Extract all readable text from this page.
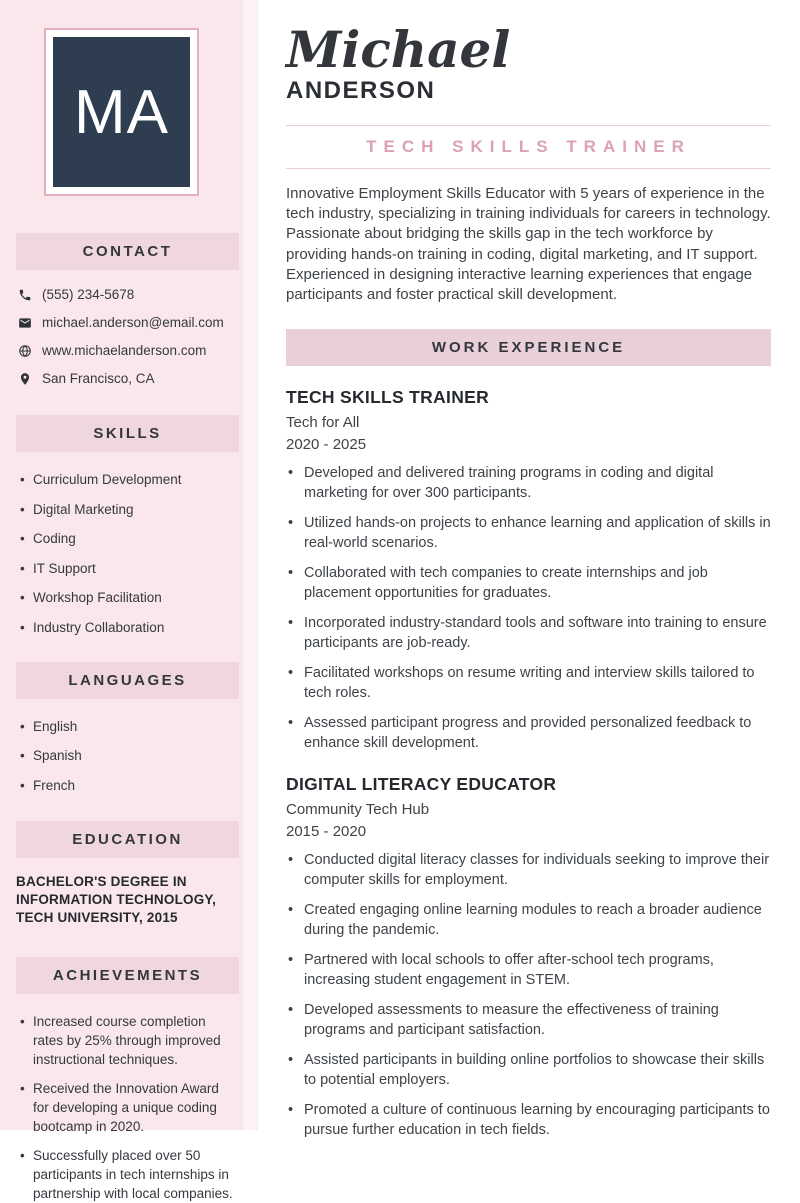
MA
CONTACT
(555) 234-5678
michael.anderson@email.com
www.michaelanderson.com
San Francisco, CA
SKILLS
• Curriculum Development
• Digital Marketing
• Coding
• IT Support
• Workshop Facilitation
• Industry Collaboration
LANGUAGES
• English
• Spanish
• French
EDUCATION
BACHELOR'S DEGREE IN INFORMATION TECHNOLOGY, TECH UNIVERSITY, 2015
ACHIEVEMENTS
• Increased course completion rates by 25% through improved instructional techniques.
• Received the Innovation Award for developing a unique coding bootcamp in 2020.
• Successfully placed over 50 participants in tech internships in partnership with local companies.
Michael
ANDERSON
TECH SKILLS TRAINER

Innovative Employment Skills Educator with 5 years of experience in the tech industry, specializing in training individuals for careers in technology. Passionate about bridging the skills gap in the tech workforce by providing hands-on training in coding, digital marketing, and IT support. Experienced in designing interactive learning experiences that engage participants and foster practical skill development.

WORK EXPERIENCE
TECH SKILLS TRAINER
Tech for All
2020 - 2025
• Developed and delivered training programs in coding and digital marketing for over 300 participants.
• Utilized hands-on projects to enhance learning and application of skills in real-world scenarios.
• Collaborated with tech companies to create internships and job placement opportunities for graduates.
• Incorporated industry-standard tools and software into training to ensure participants are job-ready.
• Facilitated workshops on resume writing and interview skills tailored to tech roles.
• Assessed participant progress and provided personalized feedback to enhance skill development.
DIGITAL LITERACY EDUCATOR
Community Tech Hub
2015 - 2020
• Conducted digital literacy classes for individuals seeking to improve their computer skills for employment.
• Created engaging online learning modules to reach a broader audience during the pandemic.
• Partnered with local schools to offer after-school tech programs, increasing student engagement in STEM.
• Developed assessments to measure the effectiveness of training programs and participant satisfaction.
• Assisted participants in building online portfolios to showcase their skills to potential employers.
• Promoted a culture of continuous learning by encouraging participants to pursue further education in tech fields.
